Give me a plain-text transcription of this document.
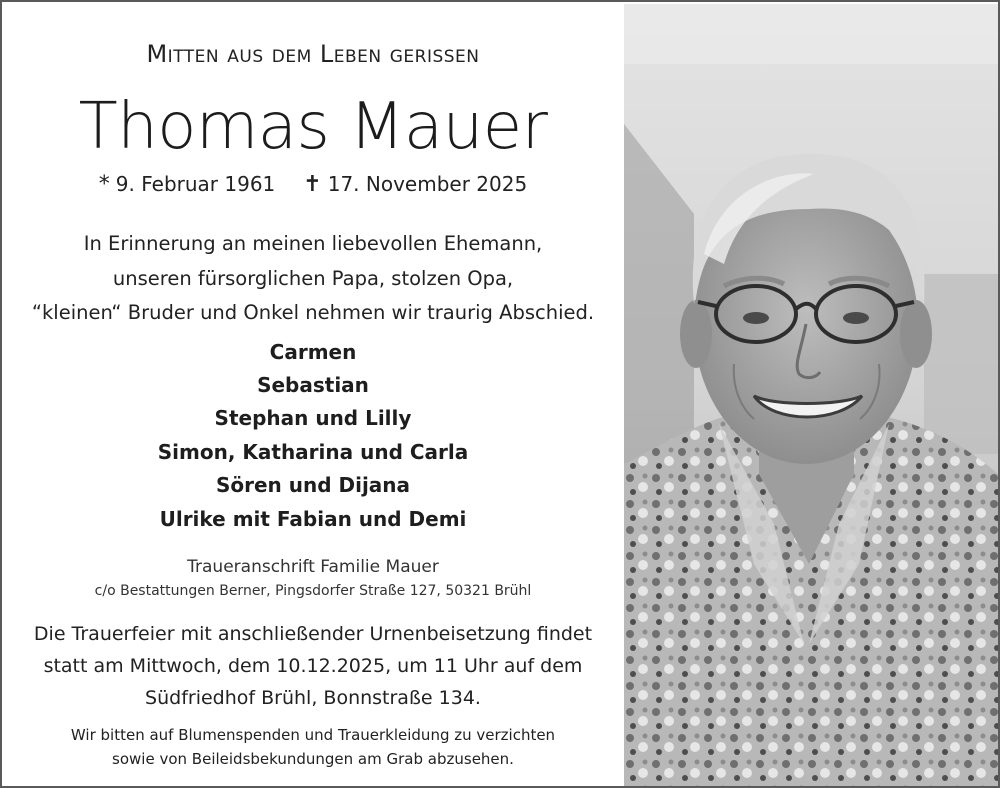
Mitten aus dem Leben gerissen
Thomas Mauer
* 9. Februar 1961 ✝ 17. November 2025
In Erinnerung an meinen liebevollen Ehemann,
unseren fürsorglichen Papa, stolzen Opa,
“kleinen“ Bruder und Onkel nehmen wir traurig Abschied.
Carmen
Sebastian
Stephan und Lilly
Simon, Katharina und Carla
Sören und Dijana
Ulrike mit Fabian und Demi
Traueranschrift Familie Mauer
c/o Bestattungen Berner, Pingsdorfer Straße 127, 50321 Brühl
Die Trauerfeier mit anschließender Urnenbeisetzung findet
statt am Mittwoch, dem 10.12.2025, um 11 Uhr auf dem
Südfriedhof Brühl, Bonnstraße 134.
Wir bitten auf Blumenspenden und Trauerkleidung zu verzichten
sowie von Beileidsbekundungen am Grab abzusehen.
